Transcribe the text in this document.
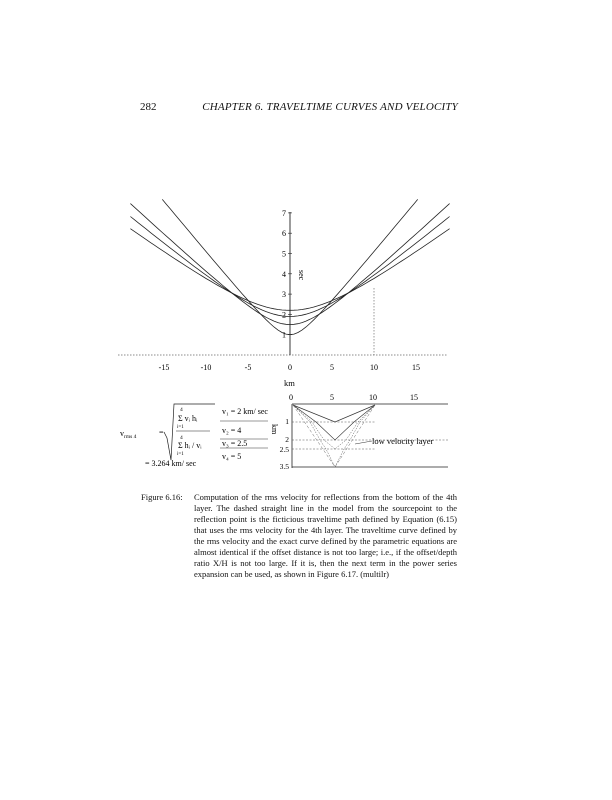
282	CHAPTER 6. TRAVELTIME CURVES AND VELOCITY
1
2
3
4
5
6
7
-15	-10	-5	0	5	10	15
sec
km
low velocity layer
0	5	10	15
1
2
2.5
3.5
km
v₁ = 2 km/ sec
v₂ = 4
v₃ = 2.5
v₄ = 5
$v_{rms 4}$	=
4
Σ vᵢ hᵢ
i=1
4
Σ hᵢ / vᵢ
i=1
= 3.264 km/ sec
Figure 6.16:	Computation of the rms velocity for reflections from the bottom of the 4th layer. The dashed straight line in the model from the sourcepoint to the reflection point is the ficticious traveltime path defined by Equation (6.15) that uses the rms velocity for the 4th layer. The traveltime curve defined by the rms velocity and the exact curve defined by the parametric equations are almost identical if the offset distance is not too large; i.e., if the offset/depth ratio X/H is not too large. If it is, then the next term in the power series expansion can be used, as shown in Figure 6.17. (multilr)
